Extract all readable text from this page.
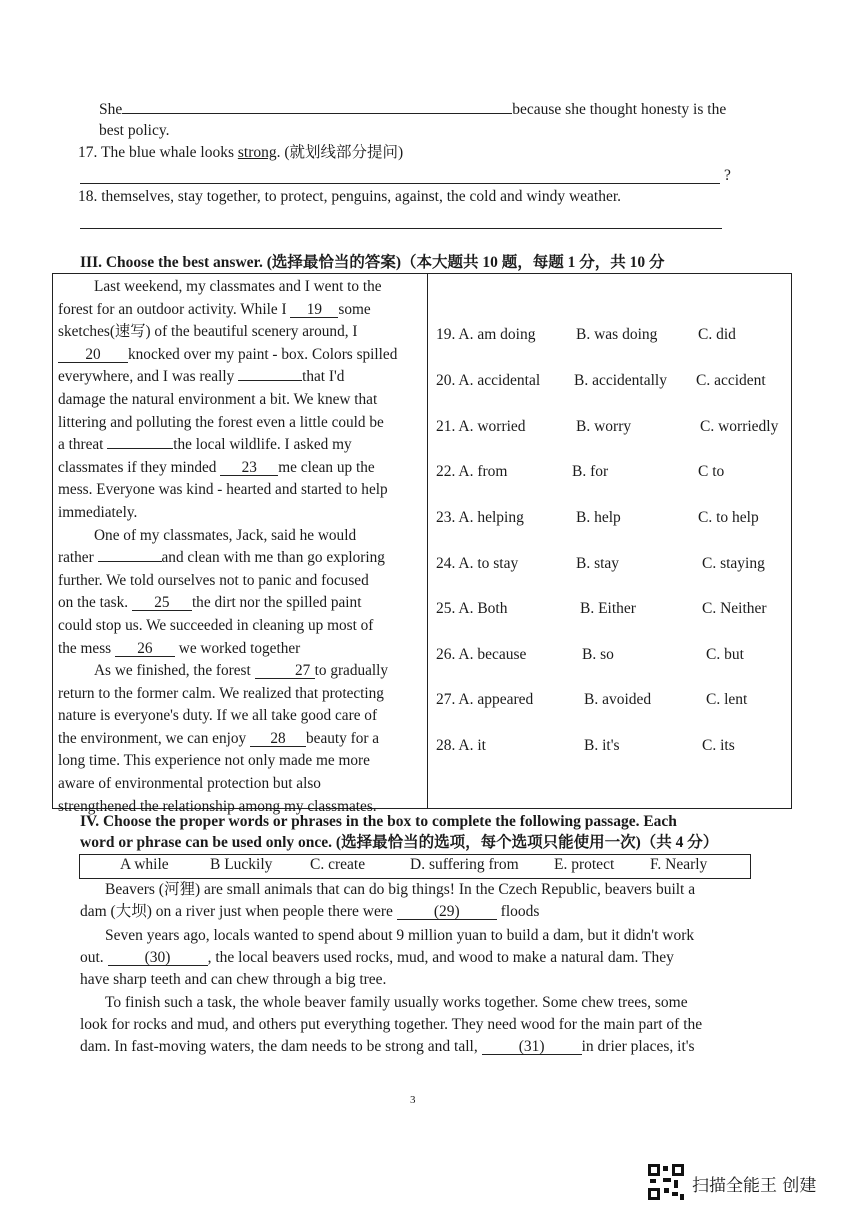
She	because she thought honesty is the
best policy.
17. The blue whale looks strong. (就划线部分提问)
?
18. themselves, stay together, to protect, penguins, against, the cold and windy weather.
III. Choose the best answer. (选择最恰当的答案)（本大题共 10 题，每题 1 分，共 10 分

Last weekend, my classmates and I went to the

forest for an outdoor activity. While I 19 some

sketches(速写) of the beautiful scenery around, I

20 knocked over my paint - box. Colors spilled

everywhere, and I was really	that I'd

damage the natural environment a bit. We knew that

littering and polluting the forest even a little could be

a threat	the local wildlife. I asked my

classmates if they minded 23 me clean up the

mess. Everyone was kind - hearted and started to help

immediately.

One of my classmates, Jack, said he would

rather	and clean with me than go exploring

further. We told ourselves not to panic and focused

on the task. 25 the dirt nor the spilled paint

could stop us. We succeeded in cleaning up most of

the mess 26 we worked together

As we finished, the forest	27 to gradually

return to the former calm. We realized that protecting

nature is everyone's duty. If we all take good care of

the environment, we can enjoy 28 beauty for a

long time. This experience not only made me more

aware of environmental protection but also

strengthened the relationship among my classmates.

19. A. am doing	B. was doing	C. did
20. A. accidental B. accidentally C. accident
21. A. worried	B. worry	C. worriedly
22. A. from	B. for	C to
23. A. helping	B. help	C. to help
24. A. to stay	B. stay	C. staying
25. A. Both	B. Either	C. Neither
26. A. because	B. so	C. but
27. A. appeared	B. avoided	C. lent
28. A. it	B. it's	C. its
IV. Choose the proper words or phrases in the box to complete the following passage. Each
word or phrase can be used only once. (选择最恰当的选项，每个选项只能使用一次)（共 4 分）
A while	B Luckily C. create	D. suffering from E. protect F. Nearly
Beavers (河狸) are small animals that can do big things! In the Czech Republic, beavers built a
dam (大坝) on a river just when people there were	(29)	floods
Seven years ago, locals wanted to spend about 9 million yuan to build a dam, but it didn't work
out.	(30) , the local beavers used rocks, mud, and wood to make a natural dam. They
have sharp teeth and can chew through a big tree.
To finish such a task, the whole beaver family usually works together. Some chew trees, some
look for rocks and mud, and others put everything together. They need wood for the main part of the
dam. In fast-moving waters, the dam needs to be strong and tall,	(31) in drier places, it's
3
扫描全能王 创建
